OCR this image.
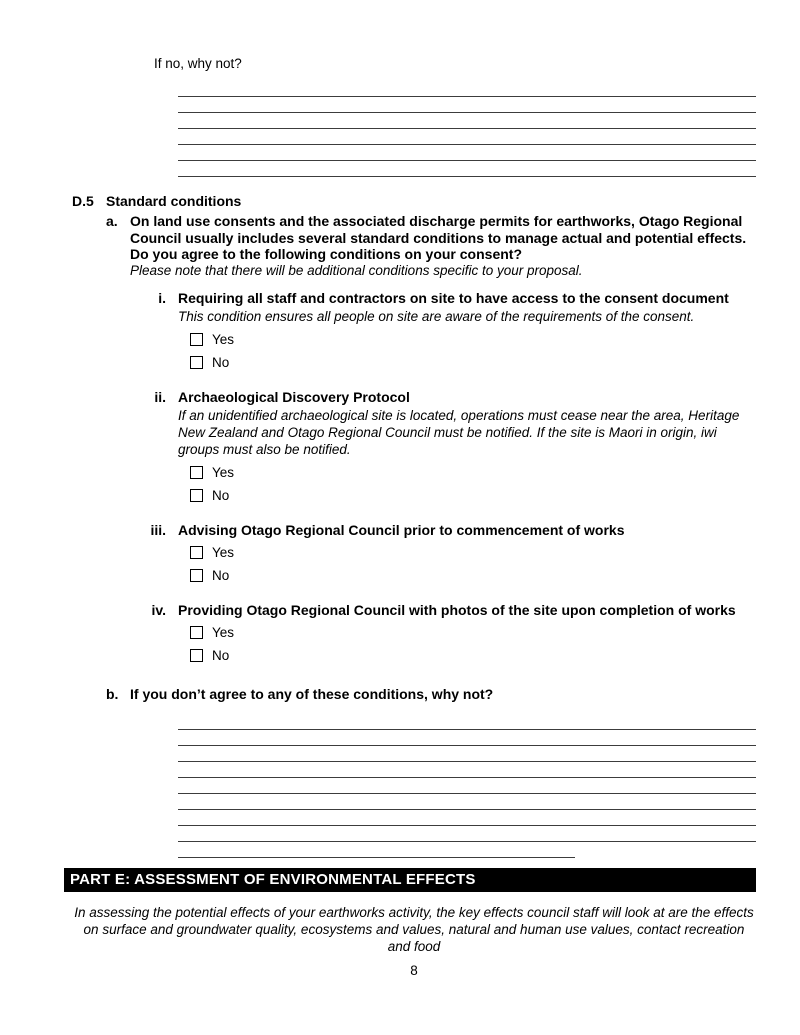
If no, why not?
D.5 Standard conditions
a. On land use consents and the associated discharge permits for earthworks, Otago Regional Council usually includes several standard conditions to manage actual and potential effects. Do you agree to the following conditions on your consent?
Please note that there will be additional conditions specific to your proposal.
i. Requiring all staff and contractors on site to have access to the consent document
This condition ensures all people on site are aware of the requirements of the consent.
Yes
No
ii. Archaeological Discovery Protocol
If an unidentified archaeological site is located, operations must cease near the area, Heritage New Zealand and Otago Regional Council must be notified. If the site is Maori in origin, iwi groups must also be notified.
Yes
No
iii. Advising Otago Regional Council prior to commencement of works
Yes
No
iv. Providing Otago Regional Council with photos of the site upon completion of works
Yes
No
b. If you don’t agree to any of these conditions, why not?
PART E: ASSESSMENT OF ENVIRONMENTAL EFFECTS
In assessing the potential effects of your earthworks activity, the key effects council staff will look at are the effects on surface and groundwater quality, ecosystems and values, natural and human use values, contact recreation and food
8
